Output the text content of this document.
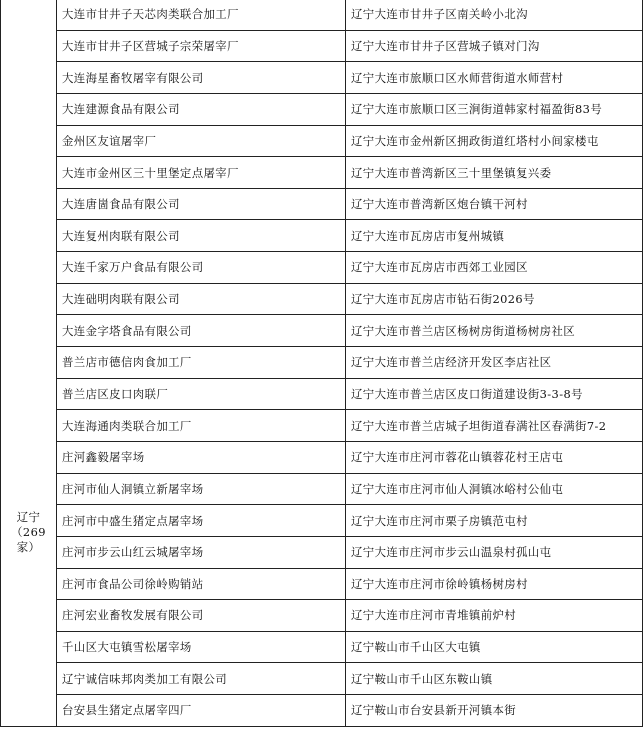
辽宁
（269
家）	大连市甘井子天芯肉类联合加工厂	辽宁大连市甘井子区南关岭小北沟
	大连市甘井子区营城子宗荣屠宰厂	辽宁大连市甘井子区营城子镇对门沟
	大连海星畜牧屠宰有限公司	辽宁大连市旅顺口区水师营街道水师营村
	大连建源食品有限公司	辽宁大连市旅顺口区三涧街道韩家村福盈街83号
	金州区友谊屠宰厂	辽宁大连市金州新区拥政街道红塔村小间家楼屯
	大连市金州区三十里堡定点屠宰厂	辽宁大连市普湾新区三十里堡镇复兴委
	大连唐崮食品有限公司	辽宁大连市普湾新区炮台镇干河村
	大连复州肉联有限公司	辽宁大连市瓦房店市复州城镇
	大连千家万户食品有限公司	辽宁大连市瓦房店市西郊工业园区
	大连础明肉联有限公司	辽宁大连市瓦房店市钻石街2026号
	大连金字塔食品有限公司	辽宁大连市普兰店区杨树房街道杨树房社区
	普兰店市德信肉食加工厂	辽宁大连市普兰店经济开发区李店社区
	普兰店区皮口肉联厂	辽宁大连市普兰店区皮口街道建设街3-3-8号
	大连海通肉类联合加工厂	辽宁大连市普兰店城子坦街道春满社区春满街7-2
	庄河鑫毅屠宰场	辽宁大连市庄河市蓉花山镇蓉花村王店屯
	庄河市仙人洞镇立新屠宰场	辽宁大连市庄河市仙人洞镇冰峪村公仙屯
	庄河市中盛生猪定点屠宰场	辽宁大连市庄河市栗子房镇范屯村
	庄河市步云山红云城屠宰场	辽宁大连市庄河市步云山温泉村孤山屯
	庄河市食品公司徐岭购销站	辽宁大连市庄河市徐岭镇杨树房村
	庄河宏业畜牧发展有限公司	辽宁大连市庄河市青堆镇前炉村
	千山区大屯镇雪松屠宰场	辽宁鞍山市千山区大屯镇
	辽宁诚信味邦肉类加工有限公司	辽宁鞍山市千山区东鞍山镇
	台安县生猪定点屠宰四厂	辽宁鞍山市台安县新开河镇本街
